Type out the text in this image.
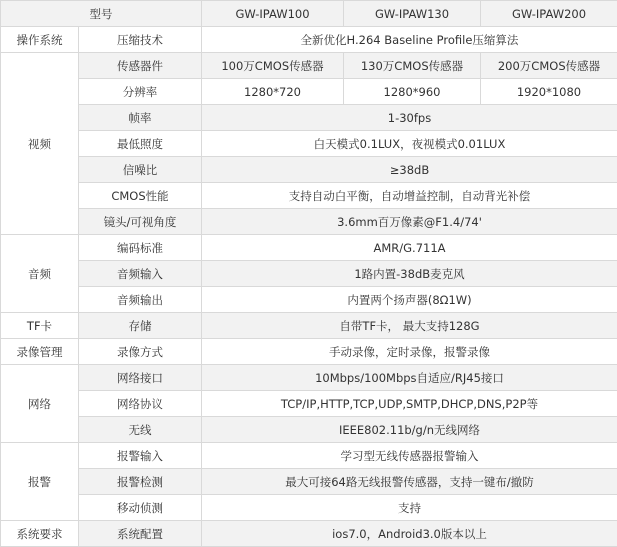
型号		GW-IPAW100	GW-IPAW130	GW-IPAW200
操作系统	压缩技术	全新优化H.264 Baseline Profile压缩算法		
视频	传感器件	100万CMOS传感器	130万CMOS传感器	200万CMOS传感器
	分辨率	1280*720	1280*960	1920*1080
	帧率	1-30fps		
	最低照度	白天模式0.1LUX，夜视模式0.01LUX		
	信噪比	≥38dB		
	CMOS性能	支持自动白平衡，自动增益控制，自动背光补偿		
	镜头/可视角度	3.6mm百万像素@F1.4/74'		
音频	编码标准	AMR/G.711A		
	音频输入	1路内置-38dB麦克风		
	音频输出	内置两个扬声器(8Ω1W)		
TF卡	存储	自带TF卡， 最大支持128G		
录像管理	录像方式	手动录像，定时录像，报警录像		
网络	网络接口	10Mbps/100Mbps自适应/RJ45接口		
	网络协议	TCP/IP,HTTP,TCP,UDP,SMTP,DHCP,DNS,P2P等		
	无线	IEEE802.11b/g/n无线网络		
报警	报警输入	学习型无线传感器报警输入		
	报警检测	最大可接64路无线报警传感器，支持一键布/撤防		
	移动侦测	支持		
系统要求	系统配置	ios7.0，Android3.0版本以上		
